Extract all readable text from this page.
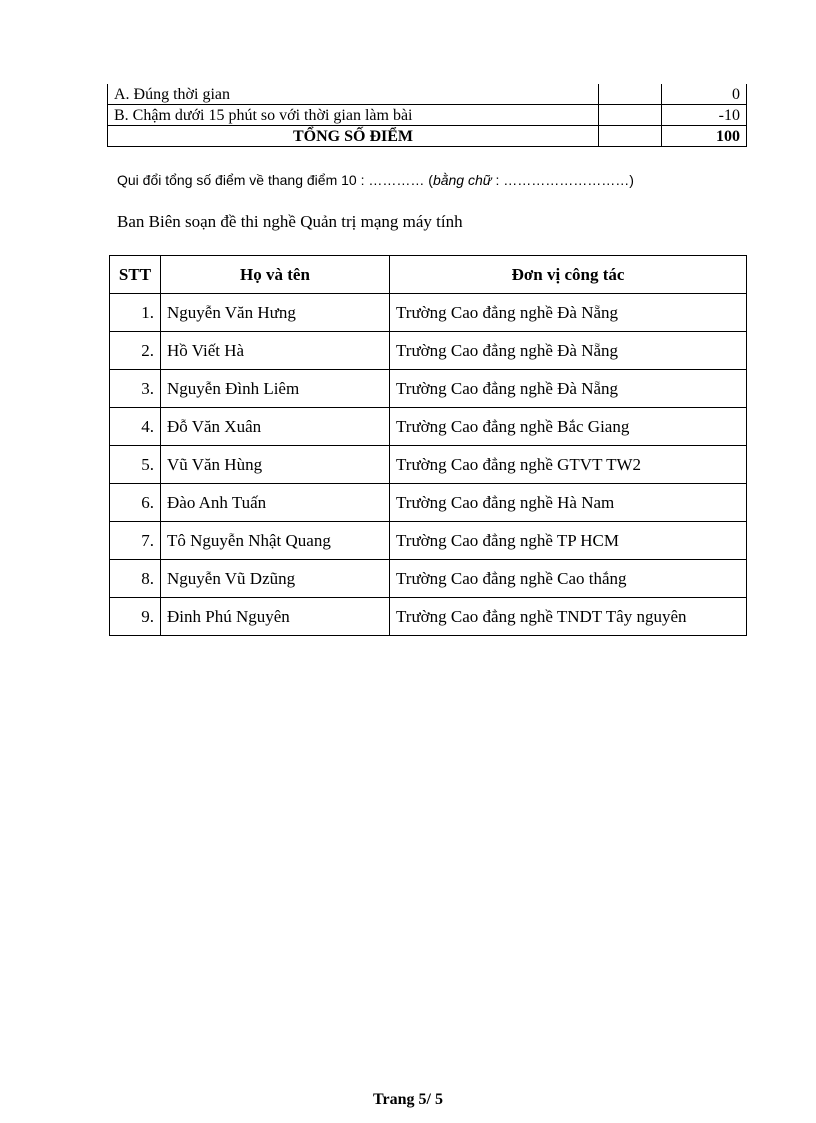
A. Đúng thời gian		0
B. Chậm dưới 15 phút so với thời gian làm bài		-10
TỔNG SỐ ĐIỂM		100
Qui đổi tổng số điểm về thang điểm 10 : ………… (bằng chữ : ………………………)
Ban Biên soạn đề thi nghề Quản trị mạng máy tính
STT	Họ và tên	Đơn vị công tác
1.	Nguyễn Văn Hưng	Trường Cao đẳng nghề Đà Nẵng
2.	Hồ Viết Hà	Trường Cao đẳng nghề Đà Nẵng
3.	Nguyễn Đình Liêm	Trường Cao đẳng nghề Đà Nẵng
4.	Đỗ Văn Xuân	Trường Cao đẳng nghề Bắc Giang
5.	Vũ Văn Hùng	Trường Cao đẳng nghề GTVT TW2
6.	Đào Anh Tuấn	Trường Cao đẳng nghề Hà Nam
7.	Tô Nguyễn Nhật Quang	Trường Cao đẳng nghề TP HCM
8.	Nguyễn Vũ Dzũng	Trường Cao đẳng nghề Cao thắng
9.	Đinh Phú Nguyên	Trường Cao đẳng nghề TNDT Tây nguyên
Trang 5/ 5
